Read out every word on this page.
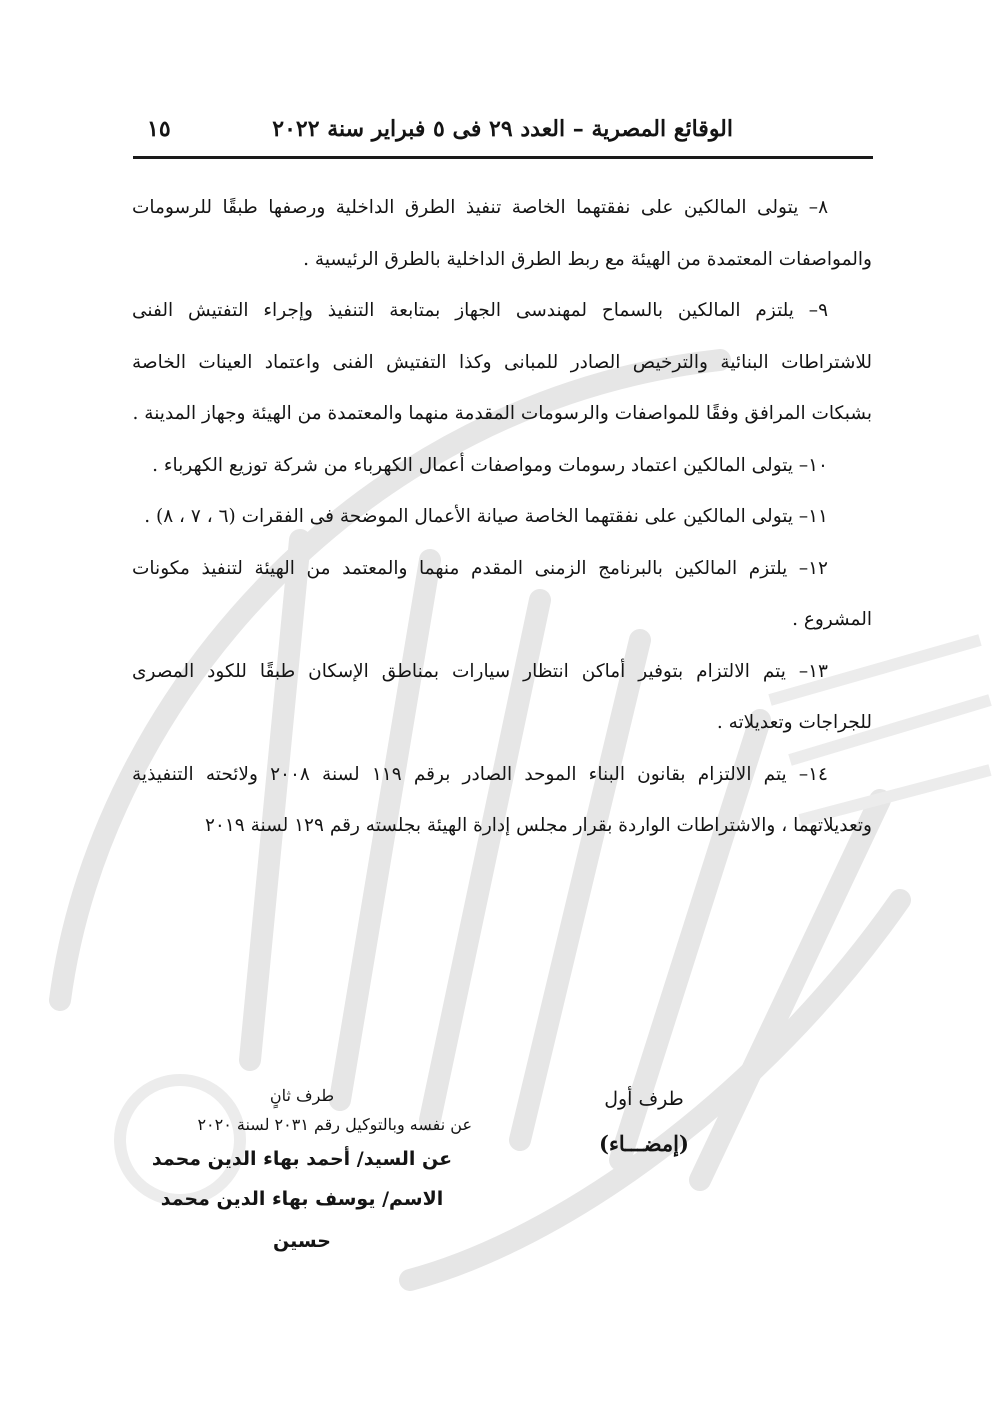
الوقائع المصرية – العدد ٢٩ فى ٥ فبراير سنة ٢٠٢٢
١٥

٨– يتولى المالكين على نفقتهما الخاصة تنفيذ الطرق الداخلية ورصفها طبقًا للرسومات والمواصفات المعتمدة من الهيئة مع ربط الطرق الداخلية بالطرق الرئيسية .

٩– يلتزم المالكين بالسماح لمهندسى الجهاز بمتابعة التنفيذ وإجراء التفتيش الفنى للاشتراطات البنائية والترخيص الصادر للمبانى وكذا التفتيش الفنى واعتماد العينات الخاصة بشبكات المرافق وفقًا للمواصفات والرسومات المقدمة منهما والمعتمدة من الهيئة وجهاز المدينة .

١٠– يتولى المالكين اعتماد رسومات ومواصفات أعمال الكهرباء من شركة توزيع الكهرباء .

١١– يتولى المالكين على نفقتهما الخاصة صيانة الأعمال الموضحة فى الفقرات (٦ ، ٧ ، ٨) .

١٢– يلتزم المالكين بالبرنامج الزمنى المقدم منهما والمعتمد من الهيئة لتنفيذ مكونات المشروع .

١٣– يتم الالتزام بتوفير أماكن انتظار سيارات بمناطق الإسكان طبقًا للكود المصرى للجراجات وتعديلاته .

١٤– يتم الالتزام بقانون البناء الموحد الصادر برقم ١١٩ لسنة ٢٠٠٨ ولائحته التنفيذية وتعديلاتهما ، والاشتراطات الواردة بقرار مجلس إدارة الهيئة بجلسته رقم ١٢٩ لسنة ٢٠١٩

طرف أول
(إمضـــاء)
طرف ثانٍ
عن نفسه وبالتوكيل رقم ٢٠٣١ لسنة ٢٠٢٠
عن السيد/ أحمد بهاء الدين محمد
الاسم/ يوسف بهاء الدين محمد حسين
